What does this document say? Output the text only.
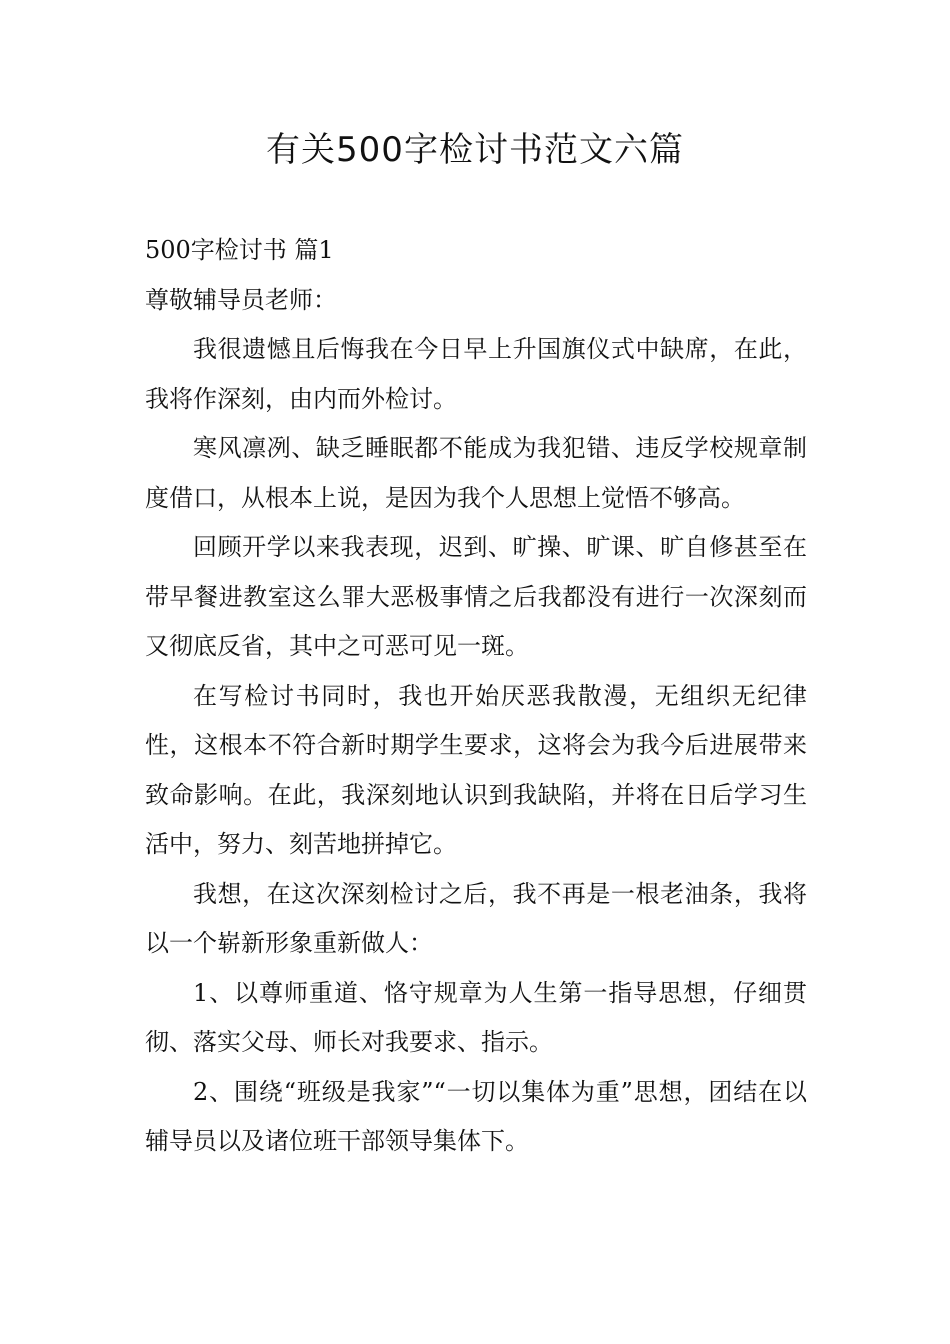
有关500字检讨书范文六篇

500字检讨书 篇1

尊敬辅导员老师：

我很遗憾且后悔我在今日早上升国旗仪式中缺席，在此，我将作深刻，由内而外检讨。

寒风凛冽、缺乏睡眠都不能成为我犯错、违反学校规章制度借口，从根本上说，是因为我个人思想上觉悟不够高。

回顾开学以来我表现，迟到、旷操、旷课、旷自修甚至在带早餐进教室这么罪大恶极事情之后我都没有进行一次深刻而又彻底反省，其中之可恶可见一斑。

在写检讨书同时，我也开始厌恶我散漫，无组织无纪律性，这根本不符合新时期学生要求，这将会为我今后进展带来致命影响。在此，我深刻地认识到我缺陷，并将在日后学习生活中，努力、刻苦地拼掉它。

我想，在这次深刻检讨之后，我不再是一根老油条，我将以一个崭新形象重新做人：

1、以尊师重道、恪守规章为人生第一指导思想，仔细贯彻、落实父母、师长对我要求、指示。

2、围绕“班级是我家”“一切以集体为重”思想，团结在以辅导员以及诸位班干部领导集体下。
